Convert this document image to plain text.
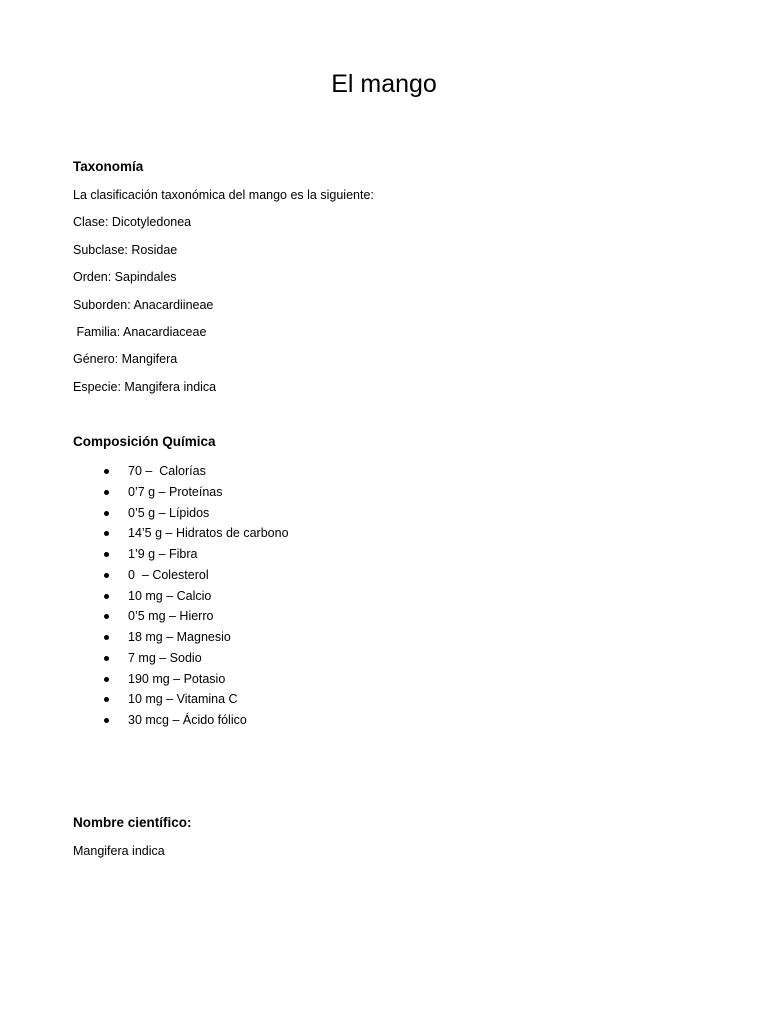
El mango
Taxonomía
La clasificación taxonómica del mango es la siguiente:
Clase: Dicotyledonea
Subclase: Rosidae
Orden: Sapindales
Suborden: Anacardiineae
Familia: Anacardiaceae
Género: Mangifera
Especie: Mangifera indica
Composición Química
70 –  Calorías
0’7 g – Proteínas
0’5 g – Lípidos
14’5 g – Hidratos de carbono
1’9 g – Fibra
0  – Colesterol
10 mg – Calcio
0’5 mg – Hierro
18 mg – Magnesio
7 mg – Sodio
190 mg – Potasio
10 mg – Vitamina C
30 mcg – Ácido fólico
Nombre científico:
Mangifera indica
